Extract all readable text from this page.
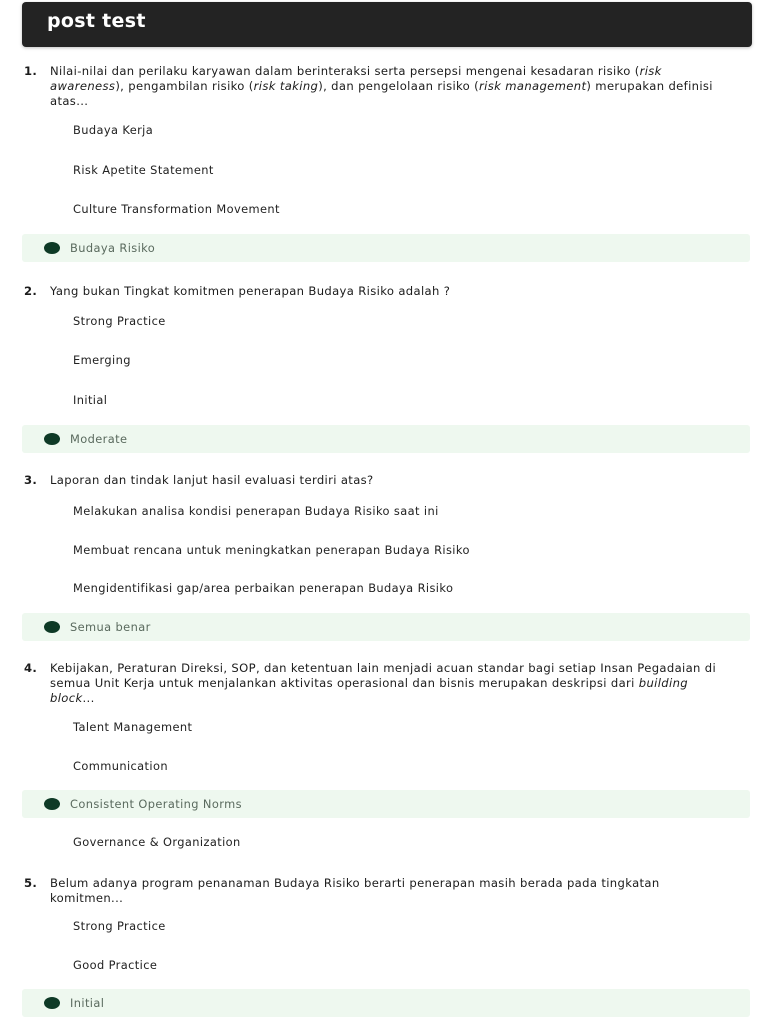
post test
1.	Nilai-nilai dan perilaku karyawan dalam berinteraksi serta persepsi mengenai kesadaran risiko (risk awareness), pengambilan risiko (risk taking), dan pengelolaan risiko (risk management) merupakan definisi atas...
Budaya Kerja
Risk Apetite Statement
Culture Transformation Movement
Budaya Risiko
2.	Yang bukan Tingkat komitmen penerapan Budaya Risiko adalah ?
Strong Practice
Emerging
Initial
Moderate
3.	Laporan dan tindak lanjut hasil evaluasi terdiri atas?
Melakukan analisa kondisi penerapan Budaya Risiko saat ini
Membuat rencana untuk meningkatkan penerapan Budaya Risiko
Mengidentifikasi gap/area perbaikan penerapan Budaya Risiko
Semua benar
4.	Kebijakan, Peraturan Direksi, SOP, dan ketentuan lain menjadi acuan standar bagi setiap Insan Pegadaian di semua Unit Kerja untuk menjalankan aktivitas operasional dan bisnis merupakan deskripsi dari building block...
Talent Management
Communication
Consistent Operating Norms
Governance & Organization
5.	Belum adanya program penanaman Budaya Risiko berarti penerapan masih berada pada tingkatan komitmen...
Strong Practice
Good Practice
Initial
